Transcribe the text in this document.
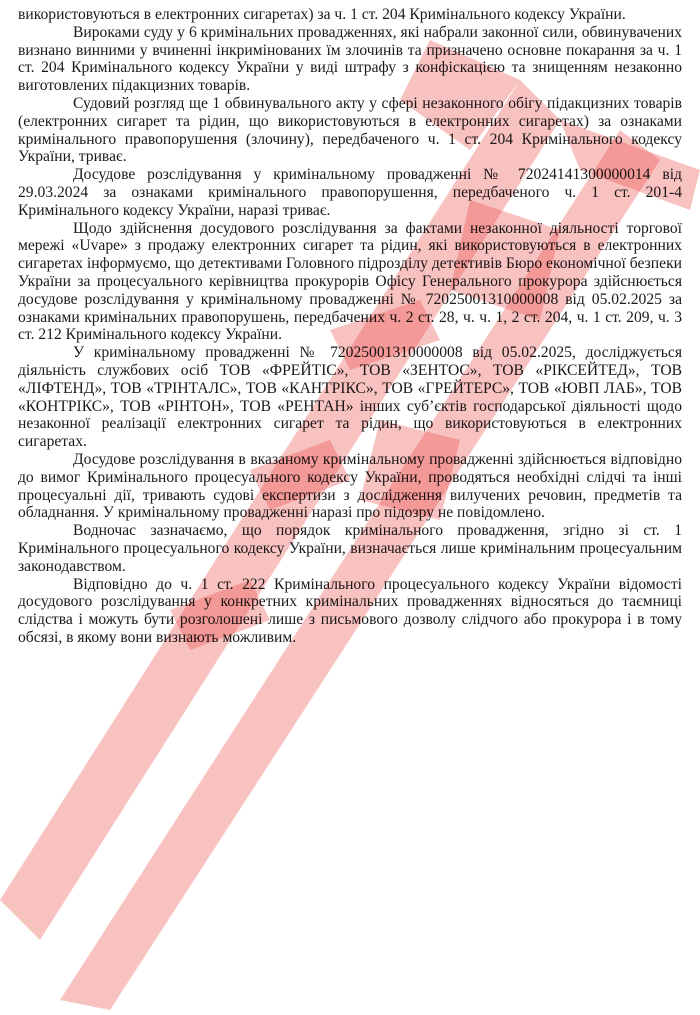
використовуються в електронних сигаретах) за ч. 1 ст. 204 Кримінального кодексу України.

Вироками суду у 6 кримінальних провадженнях, які набрали законної сили, обвинувачених визнано винними у вчиненні інкримінованих їм злочинів та призначено основне покарання за ч. 1 ст. 204 Кримінального кодексу України у виді штрафу з конфіскацією та знищенням незаконно виготовлених підакцизних товарів.

Судовий розгляд ще 1 обвинувального акту у сфері незаконного обігу підакцизних товарів (електронних сигарет та рідин, що використовуються в електронних сигаретах) за ознаками кримінального правопорушення (злочину), передбаченого ч. 1 ст. 204 Кримінального кодексу України, триває.

Досудове розслідування у кримінальному провадженні № 72024141300000014 від 29.03.2024 за ознаками кримінального правопорушення, передбаченого ч. 1 ст. 201-4 Кримінального кодексу України, наразі триває.

Щодо здійснення досудового розслідування за фактами незаконної діяльності торгової мережі «Uvape» з продажу електронних сигарет та рідин, які використовуються в електронних сигаретах інформуємо, що детективами Головного підрозділу детективів Бюро економічної безпеки України за процесуального керівництва прокурорів Офісу Генерального прокурора здійснюється досудове розслідування у кримінальному провадженні № 72025001310000008 від 05.02.2025 за ознаками кримінальних правопорушень, передбачених ч. 2 ст. 28, ч. ч. 1, 2 ст. 204, ч. 1 ст. 209, ч. 3 ст. 212 Кримінального кодексу України.

У кримінальному провадженні № 72025001310000008 від 05.02.2025, досліджується діяльність службових осіб ТОВ «ФРЕЙТІС», ТОВ «ЗЕНТОС», ТОВ «РІКСЕЙТЕД», ТОВ «ЛІФТЕНД», ТОВ «ТРІНТАЛС», ТОВ «КАНТРІКС», ТОВ «ГРЕЙТЕРС», ТОВ «ЮВП ЛАБ», ТОВ «КОНТРІКС», ТОВ «РІНТОН», ТОВ «РЕНТАН» інших суб’єктів господарської діяльності щодо незаконної реалізації електронних сигарет та рідин, що використовуються в електронних сигаретах.

Досудове розслідування в вказаному кримінальному провадженні здійснюється відповідно до вимог Кримінального процесуального кодексу України, проводяться необхідні слідчі та інші процесуальні дії, тривають судові експертизи з дослідження вилучених речовин, предметів та обладнання. У кримінальному провадженні наразі про підозру не повідомлено.

Водночас зазначаємо, що порядок кримінального провадження, згідно зі ст. 1 Кримінального процесуального кодексу України, визначається лише кримінальним процесуальним законодавством.

Відповідно до ч. 1 ст. 222 Кримінального процесуального кодексу України відомості досудового розслідування у конкретних кримінальних провадженнях відносяться до таємниці слідства і можуть бути розголошені лише з письмового дозволу слідчого або прокурора і в тому обсязі, в якому вони визнають можливим.
